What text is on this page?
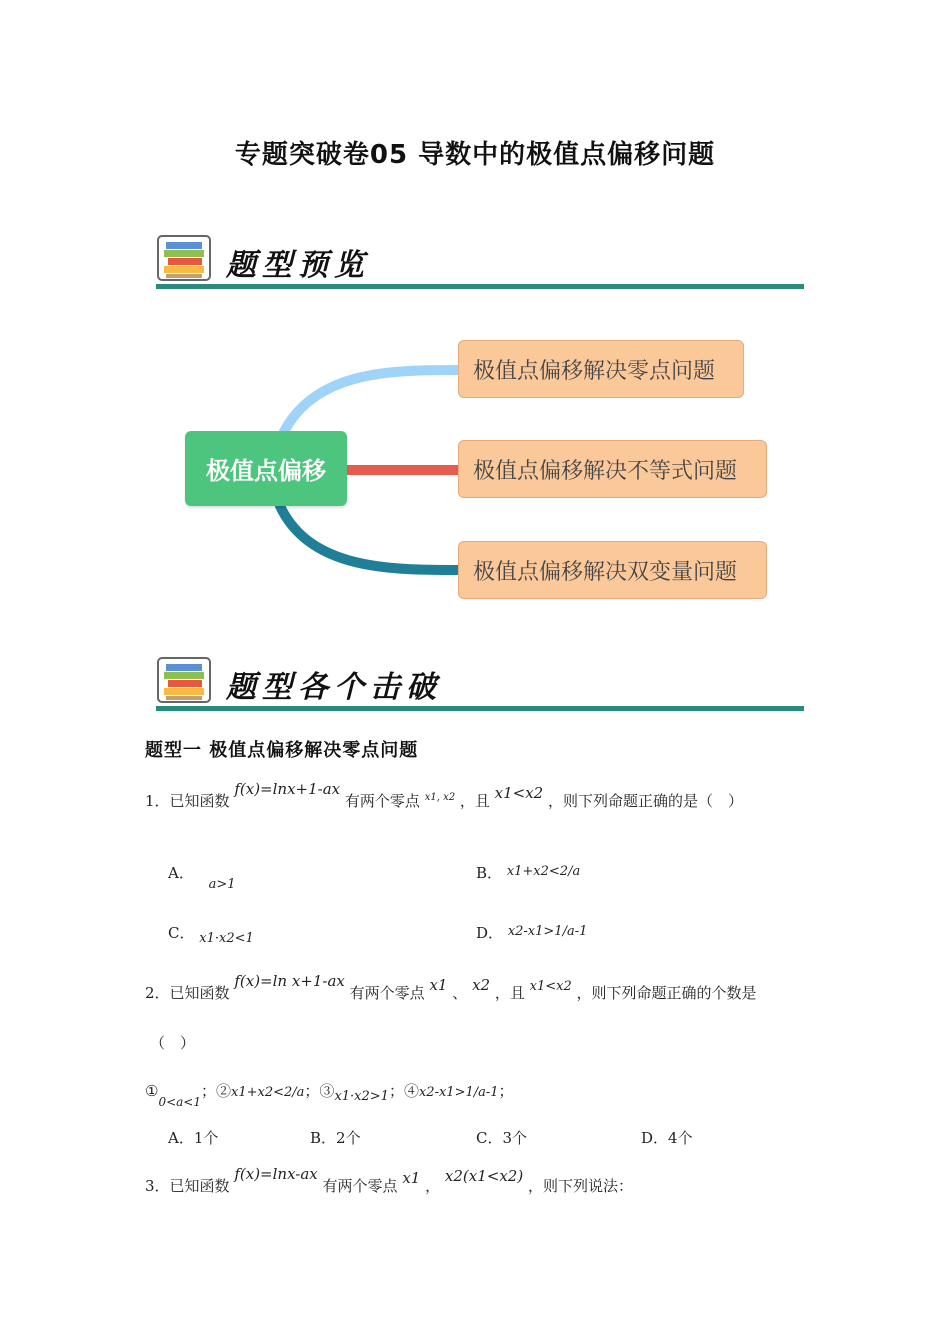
专题突破卷05 导数中的极值点偏移问题
题型预览
极值点偏移
极值点偏移解决零点问题
极值点偏移解决不等式问题
极值点偏移解决双变量问题
题型各个击破
题型一 极值点偏移解决零点问题
1．已知函数 f(x)=lnx+1-ax 有两个零点 $^{x1, x2}$ ，且 x1<x2 ，则下列命题正确的是（　）
A． a>1
B． x1+x2<2/a
C． x1·x2<1	D． x2-x1>1/a-1
2．已知函数 f(x)=ln x+1-ax 有两个零点 x1 、 x2 ，且 x1<x2 ，则下列命题正确的个数是
（　）
$①_{0<a<1}$；②x1+x2<2/a；③x1·x2>1；④x2-x1>1/a-1；
A．1个	B．2个	C．3个	D．4个
3．已知函数 f(x)=lnx-ax 有两个零点 x1 ， x2(x1<x2) ，则下列说法：
